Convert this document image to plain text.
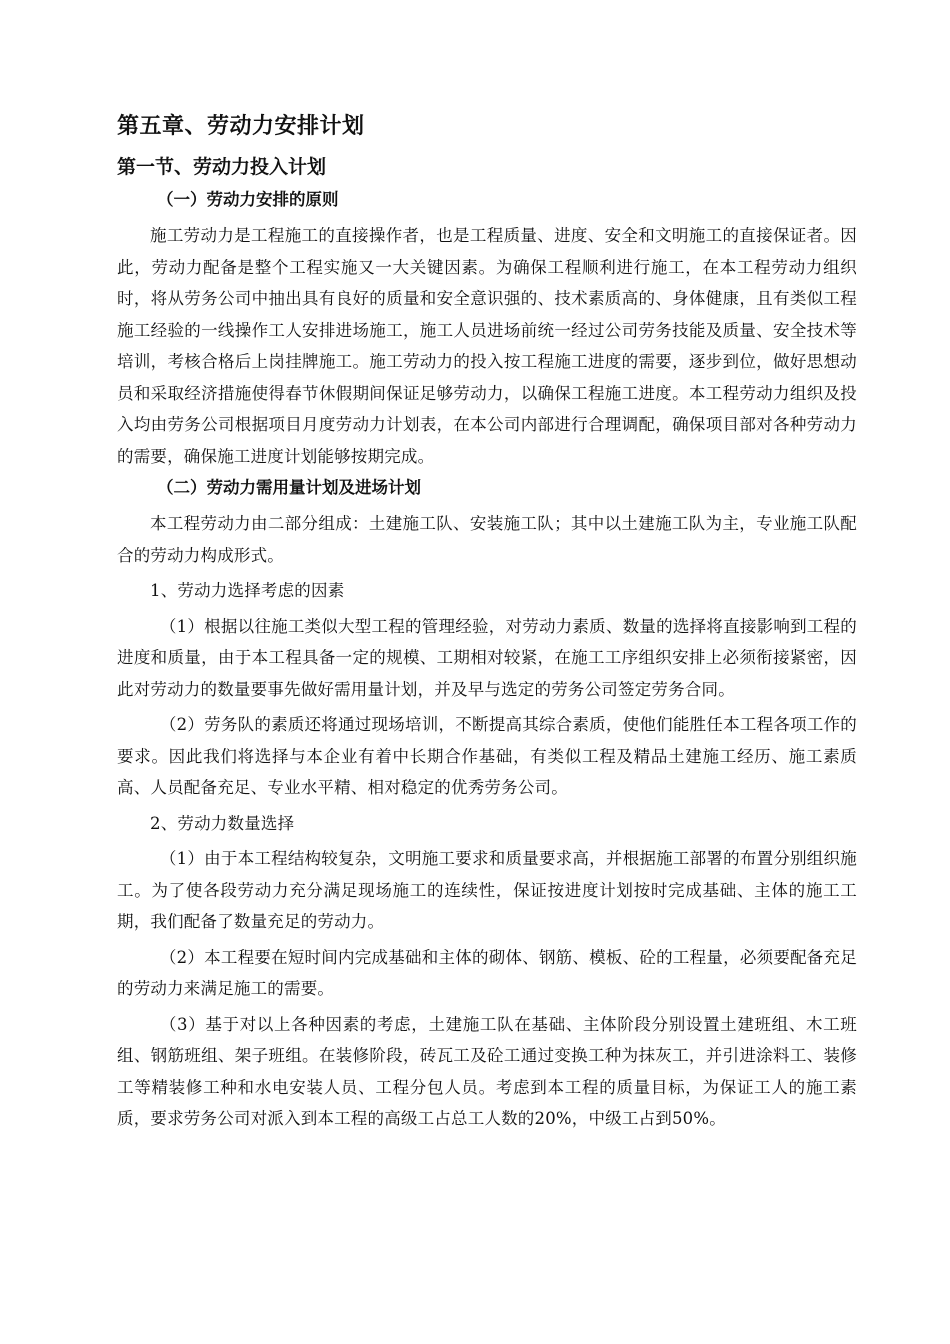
第五章、劳动力安排计划
第一节、劳动力投入计划
（一）劳动力安排的原则

施工劳动力是工程施工的直接操作者，也是工程质量、进度、安全和文明施工的直接保证者。因此，劳动力配备是整个工程实施又一大关键因素。为确保工程顺利进行施工，在本工程劳动力组织时，将从劳务公司中抽出具有良好的质量和安全意识强的、技术素质高的、身体健康，且有类似工程施工经验的一线操作工人安排进场施工，施工人员进场前统一经过公司劳务技能及质量、安全技术等培训，考核合格后上岗挂牌施工。施工劳动力的投入按工程施工进度的需要，逐步到位，做好思想动员和采取经济措施使得春节休假期间保证足够劳动力，以确保工程施工进度。本工程劳动力组织及投入均由劳务公司根据项目月度劳动力计划表，在本公司内部进行合理调配，确保项目部对各种劳动力的需要，确保施工进度计划能够按期完成。

（二）劳动力需用量计划及进场计划

本工程劳动力由二部分组成：土建施工队、安装施工队；其中以土建施工队为主，专业施工队配合的劳动力构成形式。

1、劳动力选择考虑的因素

（1）根据以往施工类似大型工程的管理经验，对劳动力素质、数量的选择将直接影响到工程的进度和质量，由于本工程具备一定的规模、工期相对较紧，在施工工序组织安排上必须衔接紧密，因此对劳动力的数量要事先做好需用量计划，并及早与选定的劳务公司签定劳务合同。

（2）劳务队的素质还将通过现场培训，不断提高其综合素质，使他们能胜任本工程各项工作的要求。因此我们将选择与本企业有着中长期合作基础，有类似工程及精品土建施工经历、施工素质高、人员配备充足、专业水平精、相对稳定的优秀劳务公司。

2、劳动力数量选择

（1）由于本工程结构较复杂，文明施工要求和质量要求高，并根据施工部署的布置分别组织施工。为了使各段劳动力充分满足现场施工的连续性，保证按进度计划按时完成基础、主体的施工工期，我们配备了数量充足的劳动力。

（2）本工程要在短时间内完成基础和主体的砌体、钢筋、模板、砼的工程量，必须要配备充足的劳动力来满足施工的需要。

（3）基于对以上各种因素的考虑，土建施工队在基础、主体阶段分别设置土建班组、木工班组、钢筋班组、架子班组。在装修阶段，砖瓦工及砼工通过变换工种为抹灰工，并引进涂料工、装修工等精装修工种和水电安装人员、工程分包人员。考虑到本工程的质量目标，为保证工人的施工素质，要求劳务公司对派入到本工程的高级工占总工人数的20%，中级工占到50%。
